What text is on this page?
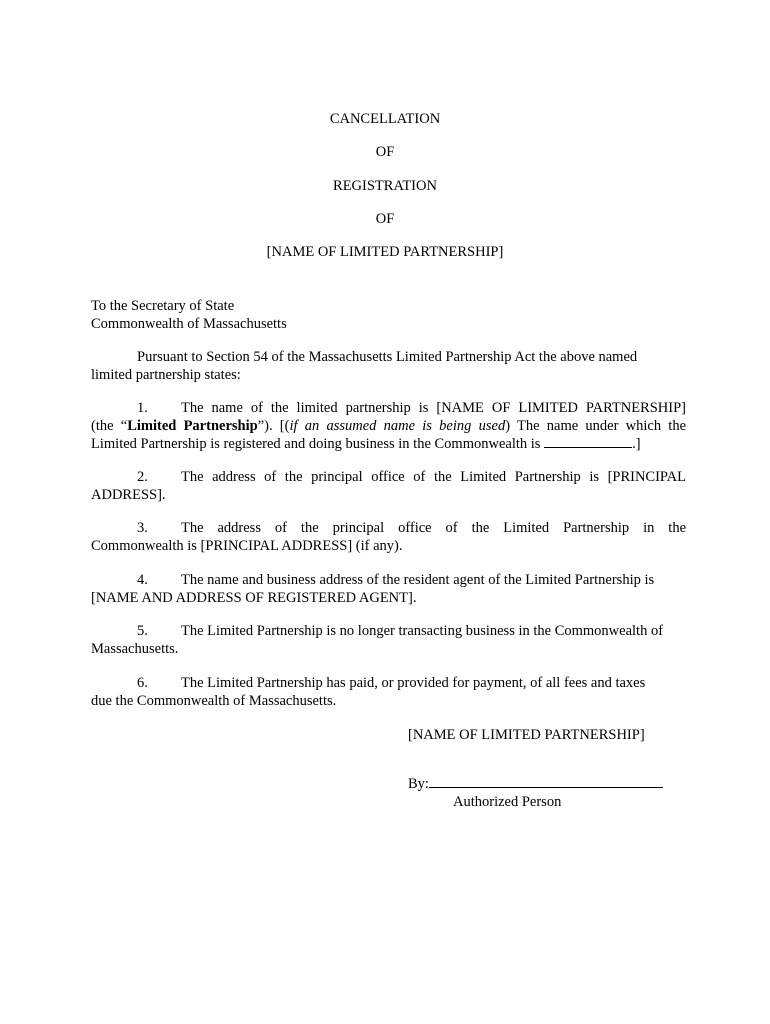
CANCELLATION
OF
REGISTRATION
OF
[NAME OF LIMITED PARTNERSHIP]
To the Secretary of State
Commonwealth of Massachusetts
Pursuant to Section 54 of the Massachusetts Limited Partnership Act the above named
limited partnership states:
1. The name of the limited partnership is [NAME OF LIMITED PARTNERSHIP]
(the “Limited Partnership”). [(if an assumed name is being used) The name under which the
Limited Partnership is registered and doing business in the Commonwealth is	.]
2. The address of the principal office of the Limited Partnership is [PRINCIPAL
ADDRESS].
3. The address of the principal office of the Limited Partnership in the
Commonwealth is [PRINCIPAL ADDRESS] (if any).
4. The name and business address of the resident agent of the Limited Partnership is
[NAME AND ADDRESS OF REGISTERED AGENT].
5. The Limited Partnership is no longer transacting business in the Commonwealth of
Massachusetts.
6. The Limited Partnership has paid, or provided for payment, of all fees and taxes
due the Commonwealth of Massachusetts.
[NAME OF LIMITED PARTNERSHIP]
By:
Authorized Person
